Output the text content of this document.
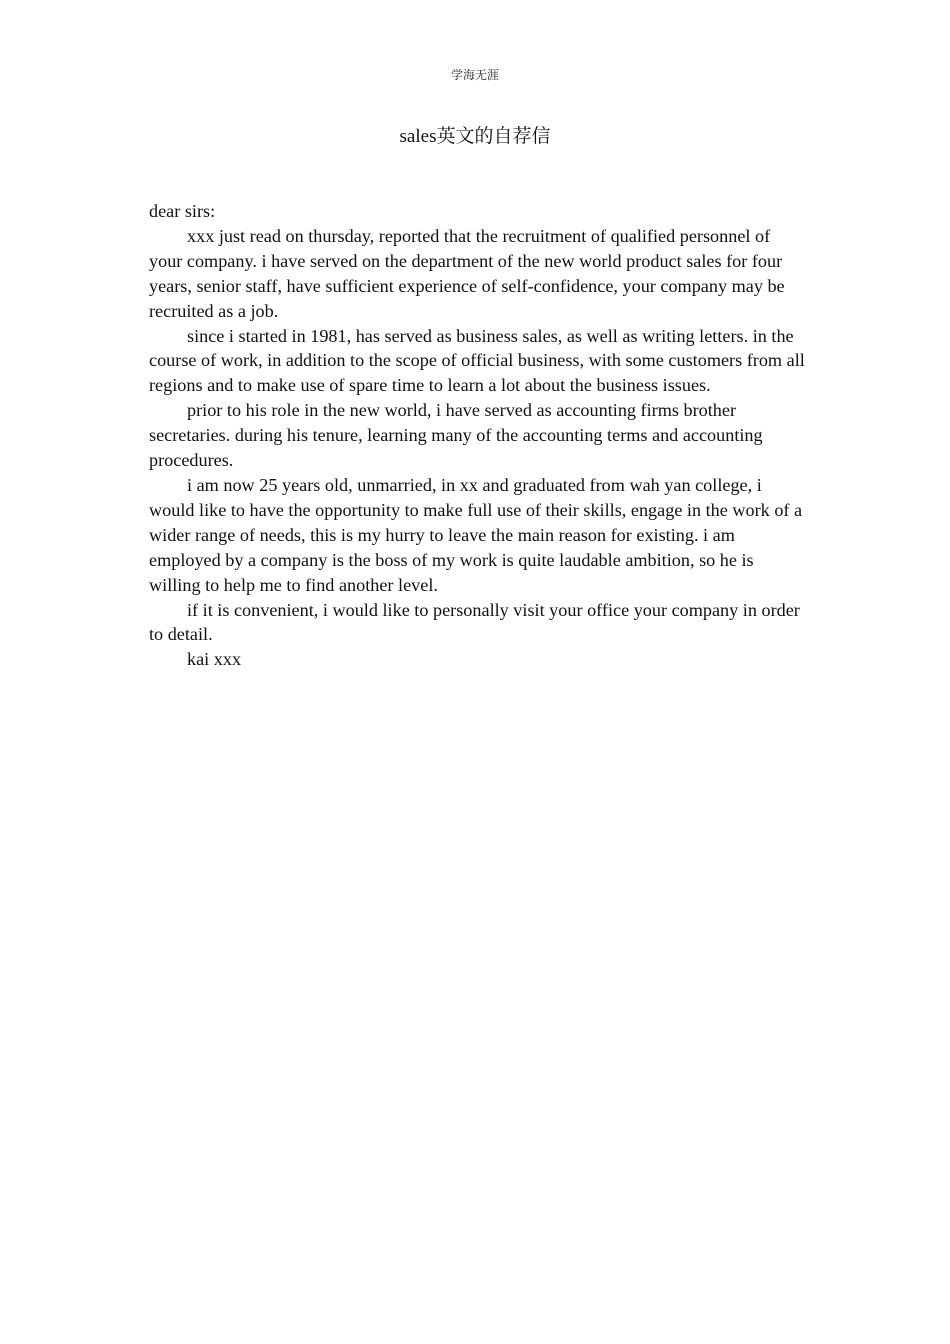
学海无涯
sales英文的自荐信

dear sirs:

xxx just read on thursday, reported that the recruitment of qualified personnel of your company. i have served on the department of the new world product sales for four years, senior staff, have sufficient experience of self-confidence, your company may be recruited as a job.

since i started in 1981, has served as business sales, as well as writing letters. in the course of work, in addition to the scope of official business, with some customers from all regions and to make use of spare time to learn a lot about the business issues.

prior to his role in the new world, i have served as accounting firms brother secretaries. during his tenure, learning many of the accounting terms and accounting procedures.

i am now 25 years old, unmarried, in xx and graduated from wah yan college, i would like to have the opportunity to make full use of their skills, engage in the work of a wider range of needs, this is my hurry to leave the main reason for existing. i am employed by a company is the boss of my work is quite laudable ambition, so he is willing to help me to find another level.

if it is convenient, i would like to personally visit your office your company in order to detail.

kai xxx
